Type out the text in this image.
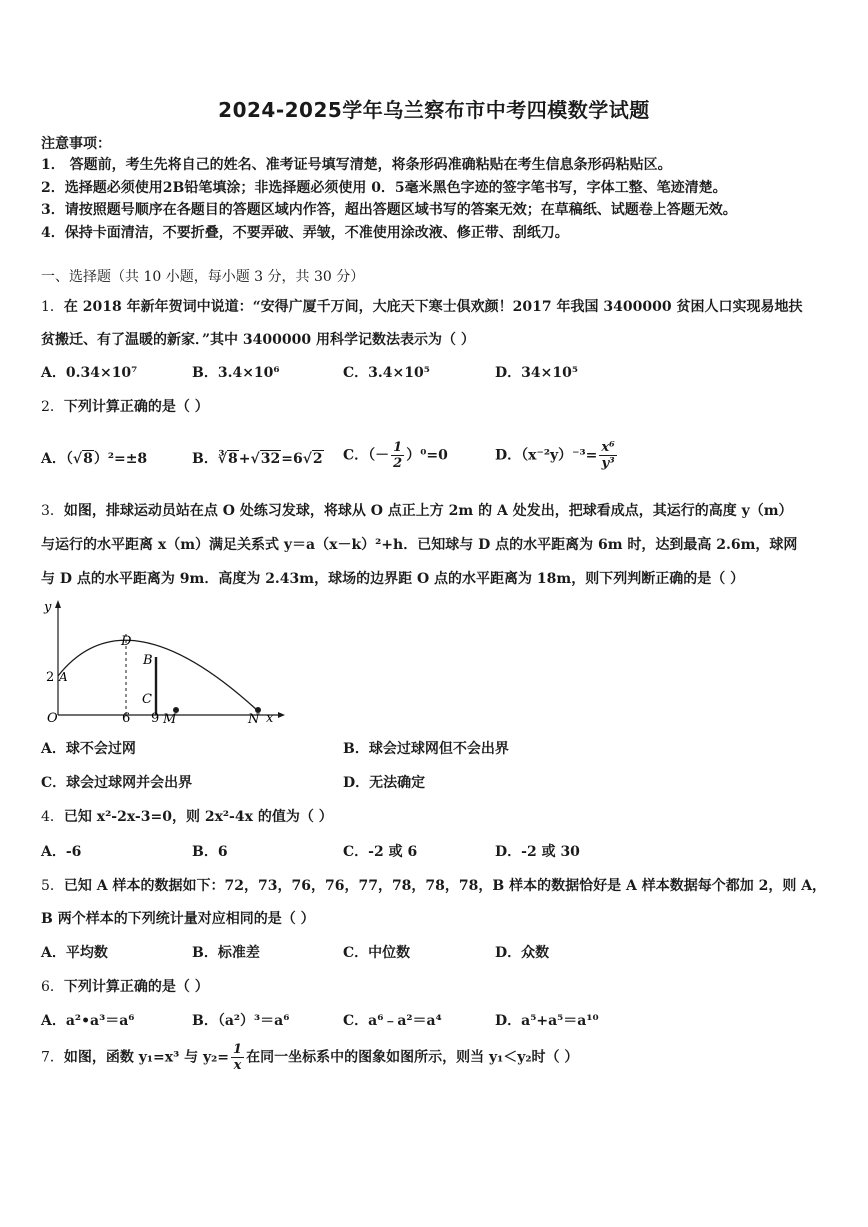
2024-2025学年乌兰察布市中考四模数学试题
注意事项：
1． 答题前，考生先将自己的姓名、准考证号填写清楚，将条形码准确粘贴在考生信息条形码粘贴区。
2．选择题必须使用2B铅笔填涂；非选择题必须使用 0．5毫米黑色字迹的签字笔书写，字体工整、笔迹清楚。
3．请按照题号顺序在各题目的答题区域内作答，超出答题区域书写的答案无效；在草稿纸、试题卷上答题无效。
4．保持卡面清洁，不要折叠，不要弄破、弄皱，不准使用涂改液、修正带、刮纸刀。
一、选择题（共 10 小题，每小题 3 分，共 30 分）
1．在 2018 年新年贺词中说道：“安得广厦千万间，大庇天下寒士俱欢颜！2017 年我国 3400000 贫困人口实现易地扶
贫搬迁、有了温暖的新家．”其中 3400000 用科学记数法表示为（ ）
A．0.34×10⁷	B．3.4×10⁶	C．3.4×10⁵	D．34×10⁵
2．下列计算正确的是（ ）
A．（√8）²=±8	B．∛8+√32=6√2 C．（－ $\frac{1}{2} )^0=0$	D．$(x^{-2}y)^{-3}= \frac{\text{x⁶}}{\text{y³}}$
3．如图，排球运动员站在点 O 处练习发球，将球从 O 点正上方 2m 的 A 处发出，把球看成点，其运行的高度 y（m）
与运行的水平距离 x（m）满足关系式 y＝a（x－k）²+h．已知球与 D 点的水平距离为 6m 时，达到最高 2.6m，球网
与 D 点的水平距离为 9m．高度为 2.43m，球场的边界距 O 点的水平距离为 18m，则下列判断正确的是（ ）
y
x
O
2 A
D
6
B
C
9 M	N
A．球不会过网	B．球会过球网但不会出界
C．球会过球网并会出界	D．无法确定
4．已知 x²-2x-3=0，则 2x²-4x 的值为（ ）
A．-6	B．6	C．-2 或 6	D．-2 或 30
5．已知 A 样本的数据如下：72，73，76，76，77，78，78，78，B 样本的数据恰好是 A 样本数据每个都加 2，则 A，
B 两个样本的下列统计量对应相同的是（ ）
A．平均数	B．标准差	C．中位数	D．众数
6．下列计算正确的是（ ）
A．a²•a³＝a⁶	B．（a²）³＝a⁶	C．a⁶﹣a²＝a⁴	D．a⁵+a⁵＝a¹⁰
7．如图，函数 y₁=x³ 与 $y_2= \frac{1}{x}$ 在同一坐标系中的图象如图所示，则当 y₁＜y₂时（ ）
